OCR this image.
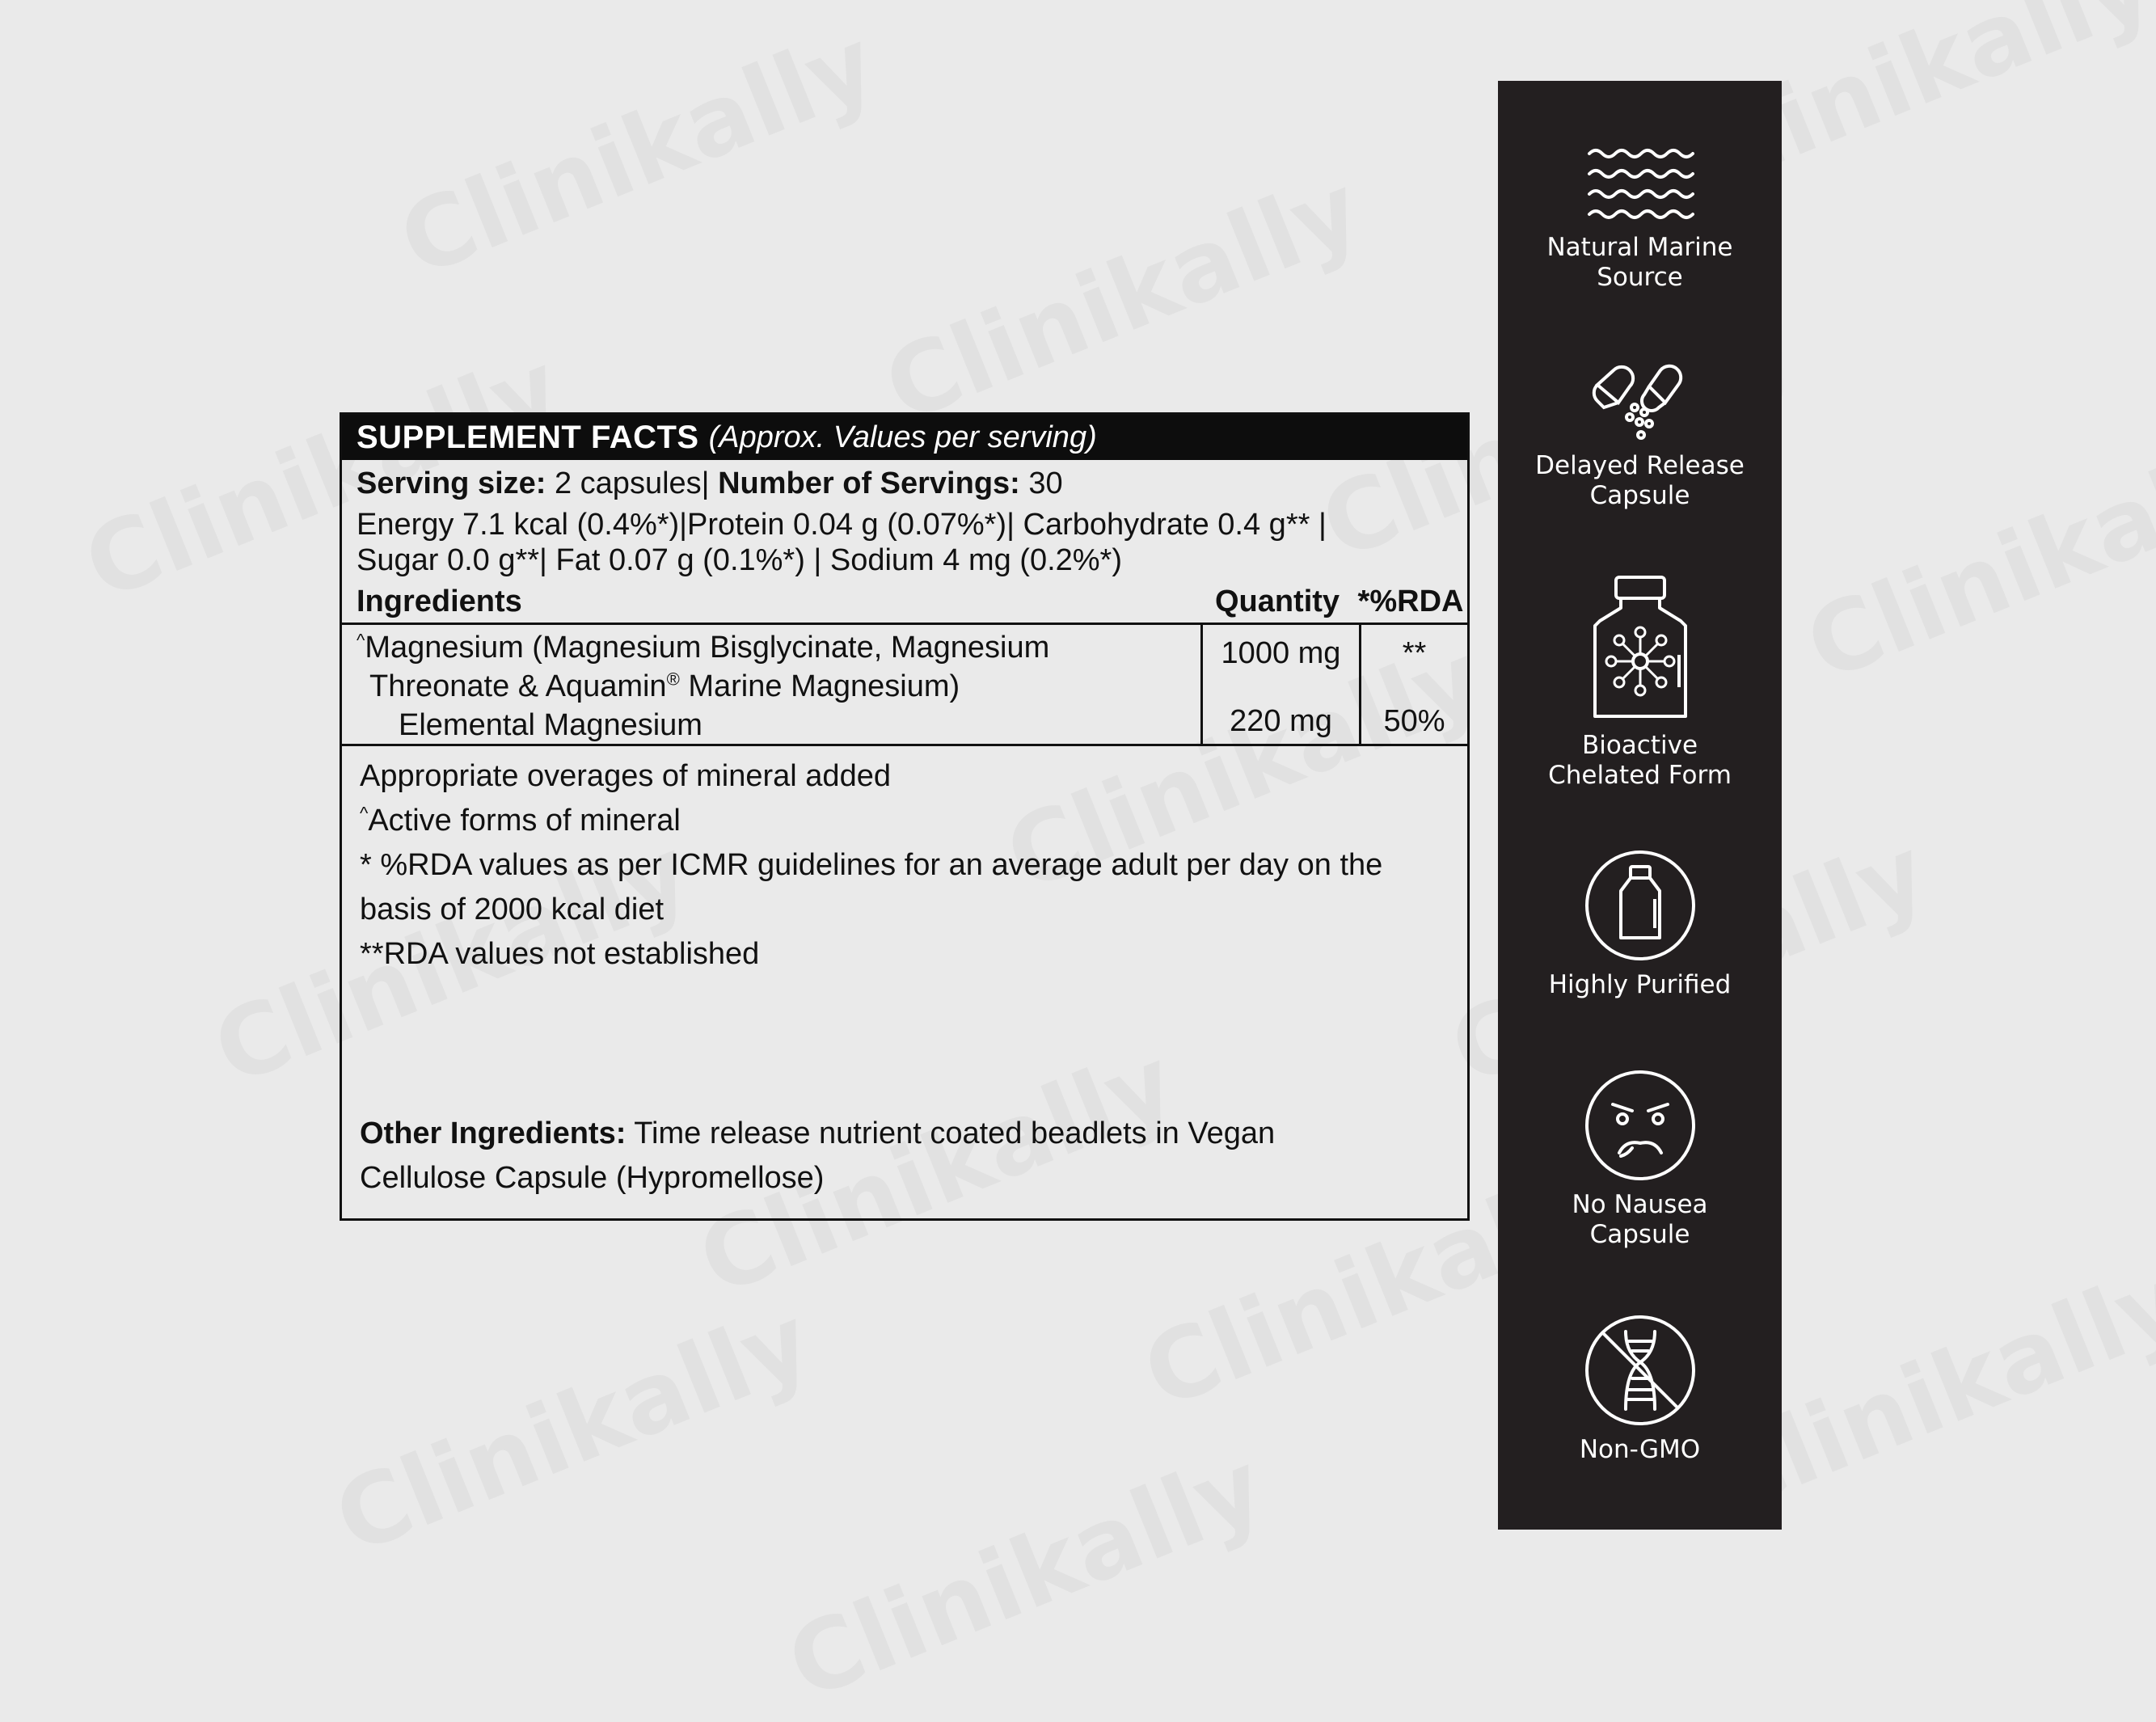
SUPPLEMENT FACTS (Approx. Values per serving)
Serving size: 2 capsules| Number of Servings: 30
Energy 7.1 kcal (0.4%*)|Protein 0.04 g (0.07%*)| Carbohydrate 0.4 g** |
Sugar 0.0 g**| Fat 0.07 g (0.1%*) | Sodium 4 mg (0.2%*)
Ingredients	Quantity *%RDA
^Magnesium (Magnesium Bisglycinate, Magnesium
Threonate & Aquamin® Marine Magnesium)
Elemental Magnesium
1000 mg
220 mg
**
50%
Appropriate overages of mineral added
^Active forms of mineral
* %RDA values as per ICMR guidelines for an average adult per day on the
basis of 2000 kcal diet
**RDA values not established
Other Ingredients: Time release nutrient coated beadlets in Vegan
Cellulose Capsule (Hypromellose)
Natural Marine
Source
Delayed Release
Capsule
Bioactive
Chelated Form
Highly Purified
No Nausea
Capsule
Non-GMO
